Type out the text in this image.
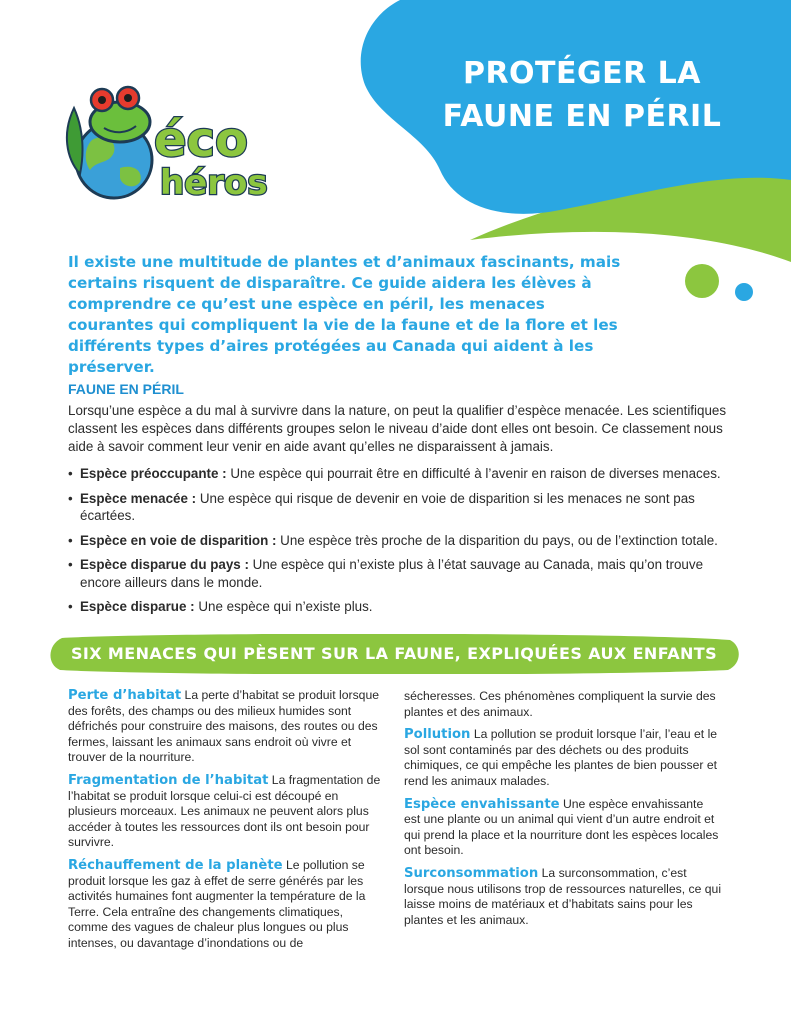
PROTÉGER LA
FAUNE EN PÉRIL
éco
héros

Il existe une multitude de plantes et d’animaux fascinants, mais certains risquent de disparaître. Ce guide aidera les élèves à comprendre ce qu’est une espèce en péril, les menaces courantes qui compliquent la vie de la faune et de la flore et les différents types d’aires protégées au Canada qui aident à les préserver.

FAUNE EN PÉRIL

Lorsqu’une espèce a du mal à survivre dans la nature, on peut la qualifier d’espèce menacée. Les scientifiques classent les espèces dans différents groupes selon le niveau d’aide dont elles ont besoin. Ce classement nous aide à savoir comment leur venir en aide avant qu’elles ne disparaissent à jamais.

• Espèce préoccupante : Une espèce qui pourrait être en difficulté à l’avenir en raison de diverses menaces.
• Espèce menacée : Une espèce qui risque de devenir en voie de disparition si les menaces ne sont pas écartées.
• Espèce en voie de disparition : Une espèce très proche de la disparition du pays, ou de l’extinction totale.
• Espèce disparue du pays : Une espèce qui n’existe plus à l’état sauvage au Canada, mais qu’on trouve encore ailleurs dans le monde.
• Espèce disparue : Une espèce qui n’existe plus.
SIX MENACES QUI PÈSENT SUR LA FAUNE, EXPLIQUÉES AUX ENFANTS

Perte d’habitat La perte d’habitat se produit lorsque des forêts, des champs ou des milieux humides sont défrichés pour construire des maisons, des routes ou des fermes, laissant les animaux sans endroit où vivre et trouver de la nourriture.

Fragmentation de l’habitat La fragmentation de l’habitat se produit lorsque celui-ci est découpé en plusieurs morceaux. Les animaux ne peuvent alors plus accéder à toutes les ressources dont ils ont besoin pour survivre.

Réchauffement de la planète Le pollution se produit lorsque les gaz à effet de serre générés par les activités humaines font augmenter la température de la Terre. Cela entraîne des changements climatiques, comme des vagues de chaleur plus longues ou plus intenses, ou davantage d’inondations ou de

sécheresses. Ces phénomènes compliquent la survie des plantes et des animaux.

Pollution La pollution se produit lorsque l’air, l’eau et le sol sont contaminés par des déchets ou des produits chimiques, ce qui empêche les plantes de bien pousser et rend les animaux malades.

Espèce envahissante Une espèce envahissante est une plante ou un animal qui vient d’un autre endroit et qui prend la place et la nourriture dont les espèces locales ont besoin.

Surconsommation La surconsommation, c’est lorsque nous utilisons trop de ressources naturelles, ce qui laisse moins de matériaux et d’habitats sains pour les plantes et les animaux.
